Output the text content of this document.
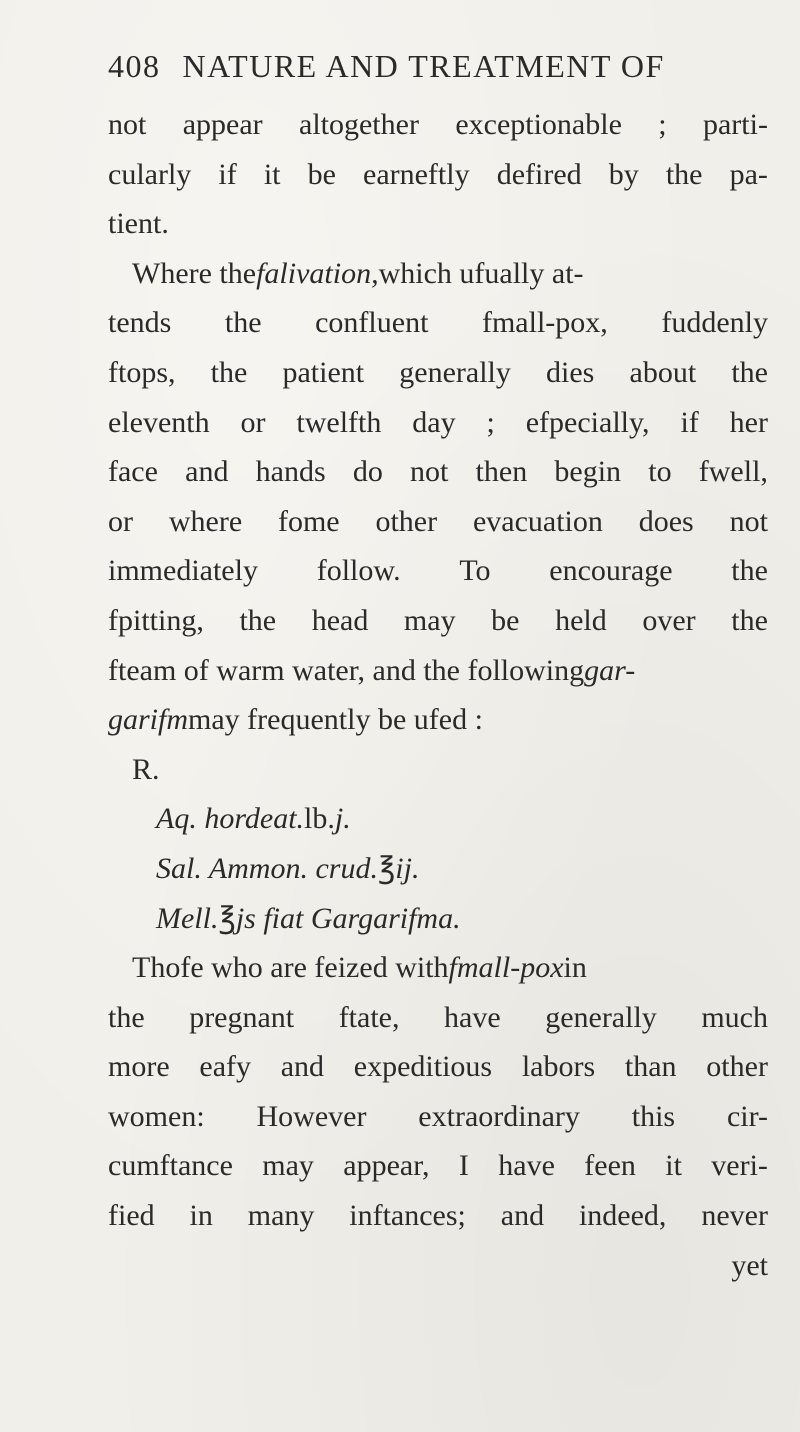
408 NATURE AND TREATMENT OF
not appear altogether exceptionable ; parti-
cularly if it be earneftly defired by the pa-
tient.
Where the falivation, which ufually at-
tends the confluent fmall-pox, fuddenly
ftops, the patient generally dies about the
eleventh or twelfth day ; efpecially, if her
face and hands do not then begin to fwell,
or where fome other evacuation does not
immediately follow. To encourage the
fpitting, the head may be held over the
fteam of warm water, and the following gar-
garifm may frequently be ufed :
R.
Aq. hordeat. lb. j.
Sal. Ammon. crud. ℥ ij.
Mell. ℥ js fiat Gargarifma.
Thofe who are feized with fmall-pox in
the pregnant ftate, have generally much
more eafy and expeditious labors than other
women: However extraordinary this cir-
cumftance may appear, I have feen it veri-
fied in many inftances; and indeed, never
yet
